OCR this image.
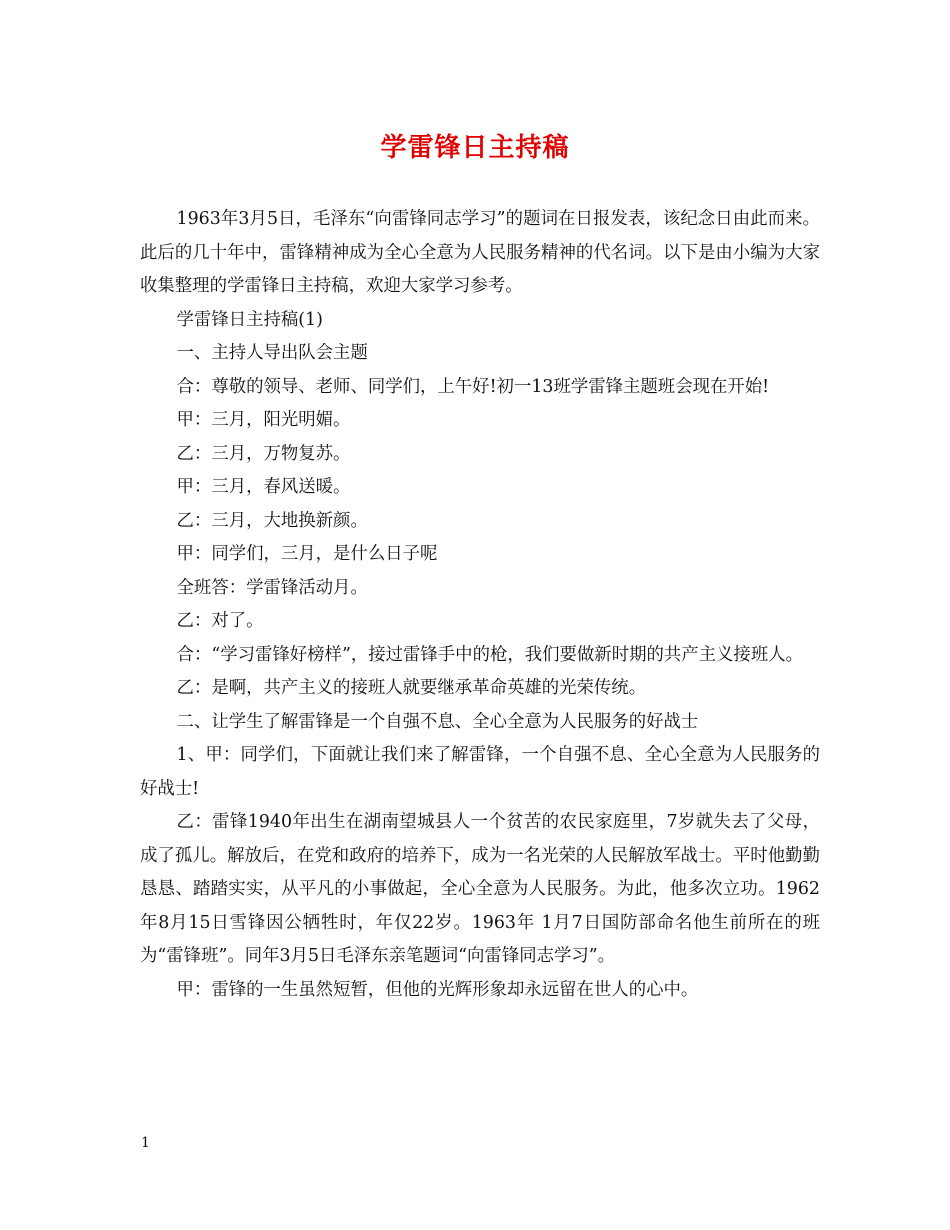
学雷锋日主持稿

1963年3月5日，毛泽东“向雷锋同志学习”的题词在日报发表，该纪念日由此而来。此后的几十年中，雷锋精神成为全心全意为人民服务精神的代名词。以下是由小编为大家收集整理的学雷锋日主持稿，欢迎大家学习参考。

学雷锋日主持稿(1)

一、主持人导出队会主题

合：尊敬的领导、老师、同学们，上午好!初一13班学雷锋主题班会现在开始!

甲：三月，阳光明媚。

乙：三月，万物复苏。

甲：三月，春风送暖。

乙：三月，大地换新颜。

甲：同学们，三月，是什么日子呢

全班答：学雷锋活动月。

乙：对了。

合：“学习雷锋好榜样”，接过雷锋手中的枪，我们要做新时期的共产主义接班人。

乙：是啊，共产主义的接班人就要继承革命英雄的光荣传统。

二、让学生了解雷锋是一个自强不息、全心全意为人民服务的好战士

1、甲：同学们，下面就让我们来了解雷锋，一个自强不息、全心全意为人民服务的好战士!

乙：雷锋1940年出生在湖南望城县人一个贫苦的农民家庭里，7岁就失去了父母，成了孤儿。解放后，在党和政府的培养下，成为一名光荣的人民解放军战士。平时他勤勤恳恳、踏踏实实，从平凡的小事做起，全心全意为人民服务。为此，他多次立功。1962年8月15日雪锋因公牺牲时，年仅22岁。1963年 1月7日国防部命名他生前所在的班为“雷锋班”。同年3月5日毛泽东亲笔题词“向雷锋同志学习”。

甲：雷锋的一生虽然短暂，但他的光辉形象却永远留在世人的心中。

1
